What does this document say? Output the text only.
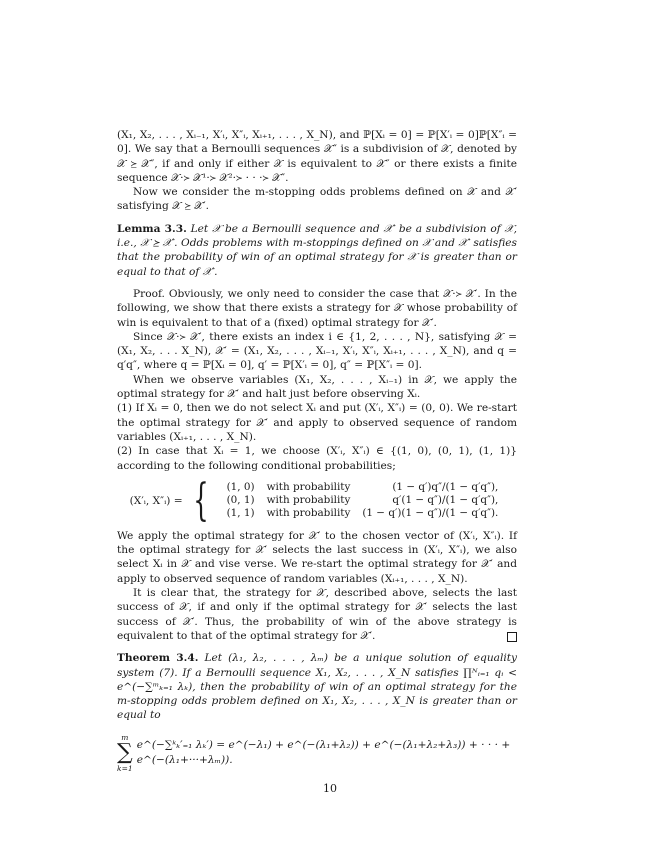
(X₁, X₂, . . . , Xᵢ₋₁, X′ᵢ, X″ᵢ, Xᵢ₊₁, . . . , X_N), and ℙ[Xᵢ = 0] = ℙ[X′ᵢ = 0]ℙ[X″ᵢ = 0]. We say that a Bernoulli sequences 𝒳″ is a subdivision of 𝒳, denoted by 𝒳 ⪰ 𝒳″, if and only if either 𝒳 is equivalent to 𝒳″ or there exists a finite sequence 𝒳·≻ 𝒳¹·≻ 𝒳²·≻ · · ·≻ 𝒳″.

Now we consider the m-stopping odds problems defined on 𝒳 and 𝒳′ satisfying 𝒳 ⪰ 𝒳′.

Lemma 3.3. Let 𝒳 be a Bernoulli sequence and 𝒳′ be a subdivision of 𝒳, i.e., 𝒳 ⪰ 𝒳′. Odds problems with m-stoppings defined on 𝒳 and 𝒳′ satisfies that the probability of win of an optimal strategy for 𝒳 is greater than or equal to that of 𝒳′.

Proof. Obviously, we only need to consider the case that 𝒳·≻ 𝒳′. In the following, we show that there exists a strategy for 𝒳 whose probability of win is equivalent to that of a (fixed) optimal strategy for 𝒳′.

Since 𝒳·≻ 𝒳′, there exists an index i ∈ {1, 2, . . . , N}, satisfying 𝒳 = (X₁, X₂, . . . X_N), 𝒳′ = (X₁, X₂, . . . , Xᵢ₋₁, X′ᵢ, X″ᵢ, Xᵢ₊₁, . . . , X_N), and q = q′q″, where q = ℙ[Xᵢ = 0], q′ = ℙ[X′ᵢ = 0], q″ = ℙ[X″ᵢ = 0].

When we observe variables (X₁, X₂, . . . , Xᵢ₋₁) in 𝒳, we apply the optimal strategy for 𝒳′ and halt just before observing Xᵢ.

(1) If Xᵢ = 0, then we do not select Xᵢ and put (X′ᵢ, X″ᵢ) = (0, 0). We re-start the optimal strategy for 𝒳′ and apply to observed sequence of random variables (Xᵢ₊₁, . . . , X_N).

(2) In case that Xᵢ = 1, we choose (X′ᵢ, X″ᵢ) ∈ {(1, 0), (0, 1), (1, 1)} according to the following conditional probabilities;

(X′ᵢ, X″ᵢ) = { (1, 0)	with probability	(1 − q′)q″/(1 − q′q″),
(0, 1)	with probability	q′(1 − q″)/(1 − q′q″),
(1, 1)	with probability	(1 − q′)(1 − q″)/(1 − q′q″).

We apply the optimal strategy for 𝒳′ to the chosen vector of (X′ᵢ, X″ᵢ). If the optimal strategy for 𝒳′ selects the last success in (X′ᵢ, X″ᵢ), we also select Xᵢ in 𝒳 and vise verse. We re-start the optimal strategy for 𝒳′ and apply to observed sequence of random variables (Xᵢ₊₁, . . . , X_N).

It is clear that, the strategy for 𝒳, described above, selects the last success of 𝒳, if and only if the optimal strategy for 𝒳′ selects the last success of 𝒳′. Thus, the probability of win of the above strategy is equivalent to that of the optimal strategy for 𝒳′.

Theorem 3.4. Let (λ₁, λ₂, . . . , λₘ) be a unique solution of equality system (7). If a Bernoulli sequence X₁, X₂, . . . , X_N satisfies ∏ᴺᵢ₌₁ qᵢ < e^(−∑ᵐₖ₌₁ λₖ), then the probability of win of an optimal strategy for the m-stopping odds problem defined on X₁, X₂, . . . , X_N is greater than or equal to

m
∑
k=1
e^(−∑ᵏₖ′₌₁ λₖ′) = e^(−λ₁) + e^(−(λ₁+λ₂)) + e^(−(λ₁+λ₂+λ₃)) + · · · + e^(−(λ₁+···+λₘ)).
10
